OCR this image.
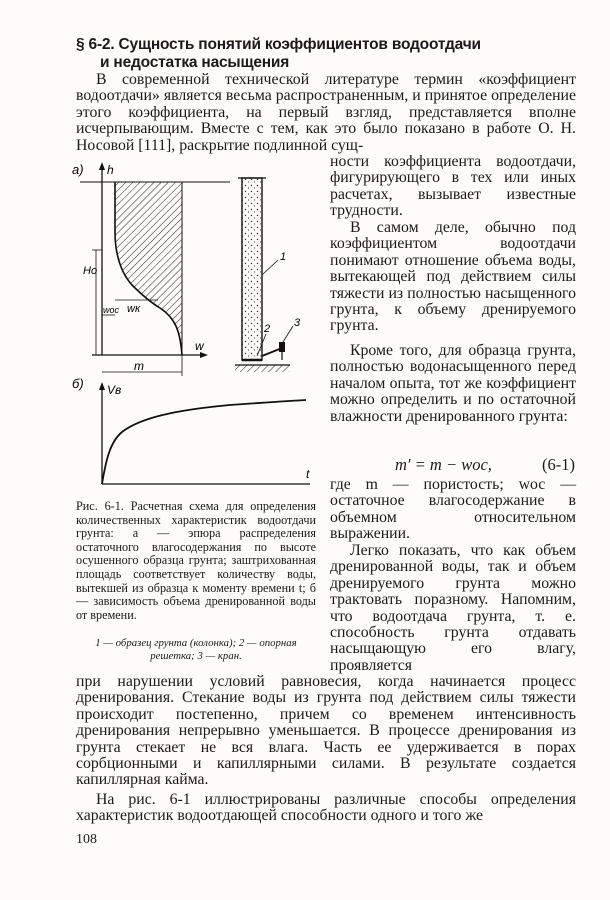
§ 6-2. Сущность понятий коэффициентов водоотдачи
и недостатка насыщения
В современной технической литературе термин «коэффициент водоотдачи» является весьма распространенным, и принятое определение этого коэффициента, на первый взгляд, представляется вполне исчерпывающим. Вместе с тем, как это было показано в работе О. Н. Носовой [111], раскрытие подлинной сущ-
а) h
w
Hо
wос wк
m
1
2 3
б) Vв
t
ности коэффициента водоотдачи, фигурирующего в тех или иных расчетах, вызывает известные трудности.
В самом деле, обычно под коэффициентом водоотдачи понимают отношение объема воды, вытекающей под действием силы тяжести из полностью насыщенного грунта, к объему дренируемого грунта.
Кроме того, для образца грунта, полностью водонасыщенного перед началом опыта, тот же коэффициент можно определить и по остаточной влажности дренированного грунта:
m′ = m − wос,	(6-1)
где m — пористость; wос — остаточное влагосодержание в объемном относительном выражении.
Легко показать, что как объем дренированной воды, так и объем дренируемого грунта можно трактовать поразному. Напомним, что водоотдача грунта, т. е. способность грунта отдавать насыщающую его влагу, проявляется
Рис. 6-1. Расчетная схема для определения количественных характеристик водоотдачи грунта: а — эпюра распределения остаточного влагосодержания по высоте осушенного образца грунта; заштрихованная площадь соответствует количеству воды, вытекшей из образца к моменту времени t; б — зависимость объема дренированной воды от времени.
1 — образец грунта (колонка); 2 — опорная решетка; 3 — кран.
при нарушении условий равновесия, когда начинается процесс дренирования. Стекание воды из грунта под действием силы тяжести происходит постепенно, причем со временем интенсивность дренирования непрерывно уменьшается. В процессе дренирования из грунта стекает не вся влага. Часть ее удерживается в порах сорбционными и капиллярными силами. В результате создается капиллярная кайма.
На рис. 6-1 иллюстрированы различные способы определения характеристик водоотдающей способности одного и того же
108
